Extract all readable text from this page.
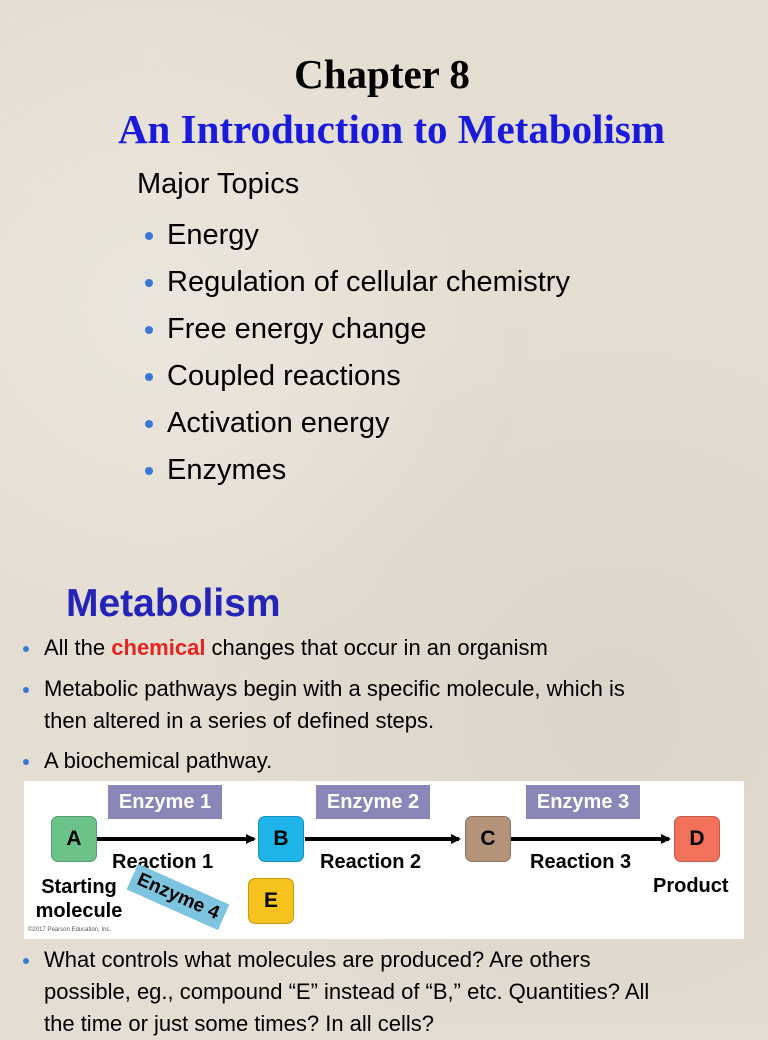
Chapter 8
An Introduction to Metabolism
Major Topics
Energy
Regulation of cellular chemistry
Free energy change
Coupled reactions
Activation energy
Enzymes
Metabolism
All the chemical changes that occur in an organism
Metabolic pathways begin with a specific molecule, which is
then altered in a series of defined steps.
A biochemical pathway.
Enzyme 1	Enzyme 2	Enzyme 3
A	B	C	D
E
Reaction 1	Reaction 2	Reaction 3
Starting
molecule
Product
Enzyme 4
©2017 Pearson Education, Inc.
What controls what molecules are produced? Are others
possible, eg., compound “E” instead of “B,” etc. Quantities? All
the time or just some times? In all cells?
